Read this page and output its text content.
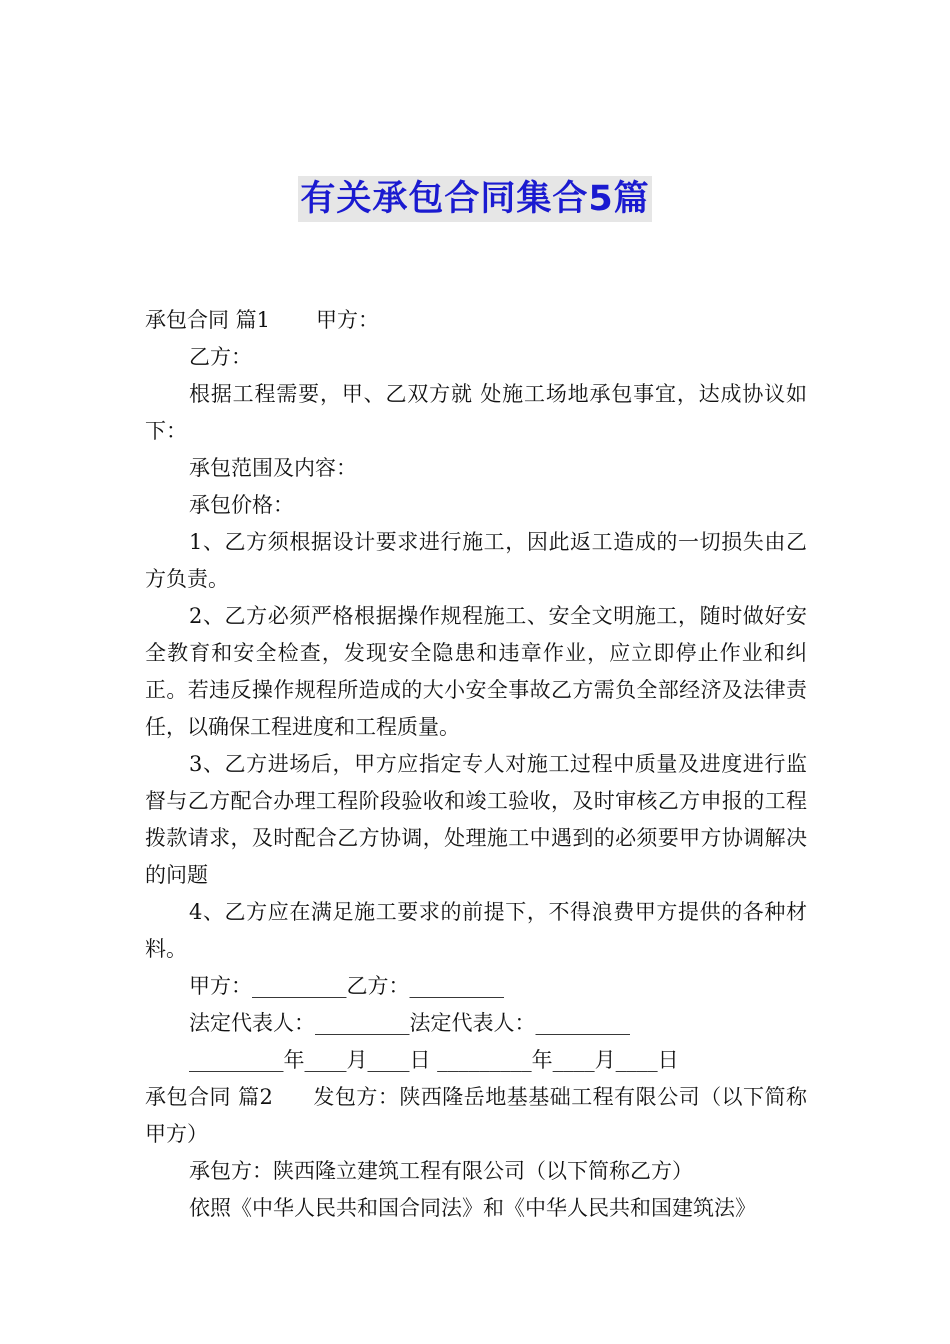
有关承包合同集合5篇

承包合同 篇1 甲方：

乙方：

根据工程需要，甲、乙双方就 处施工场地承包事宜，达成协议如下：

承包范围及内容：

承包价格：

1、乙方须根据设计要求进行施工，因此返工造成的一切损失由乙方负责。

2、乙方必须严格根据操作规程施工、安全文明施工，随时做好安全教育和安全检查，发现安全隐患和违章作业，应立即停止作业和纠正。若违反操作规程所造成的大小安全事故乙方需负全部经济及法律责任，以确保工程进度和工程质量。

3、乙方进场后，甲方应指定专人对施工过程中质量及进度进行监督与乙方配合办理工程阶段验收和竣工验收，及时审核乙方申报的工程拨款请求，及时配合乙方协调，处理施工中遇到的必须要甲方协调解决的问题

4、乙方应在满足施工要求的前提下，不得浪费甲方提供的各种材料。

甲方：_________乙方：_________

法定代表人：_________法定代表人：_________

_________年____月____日 _________年____月____日

承包合同 篇2 发包方：陕西隆岳地基基础工程有限公司（以下简称甲方）

承包方：陕西隆立建筑工程有限公司（以下简称乙方）

依照《中华人民共和国合同法》和《中华人民共和国建筑法》
